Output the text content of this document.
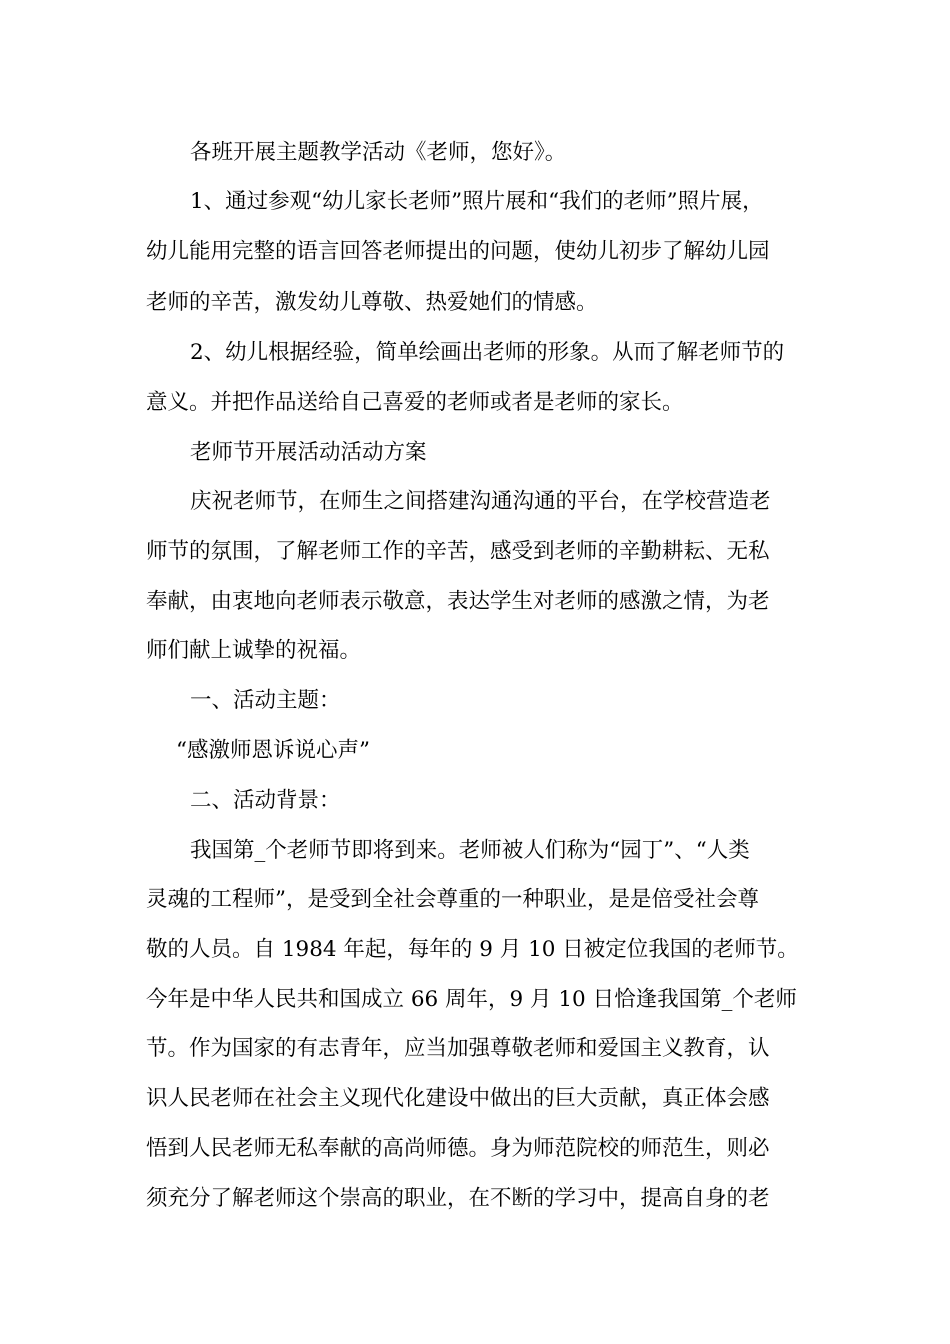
各班开展主题教学活动《老师，您好》。
1、通过参观“幼儿家长老师”照片展和“我们的老师”照片展，
幼儿能用完整的语言回答老师提出的问题，使幼儿初步了解幼儿园
老师的辛苦，激发幼儿尊敬、热爱她们的情感。
2、幼儿根据经验，简单绘画出老师的形象。从而了解老师节的
意义。并把作品送给自己喜爱的老师或者是老师的家长。
老师节开展活动活动方案
庆祝老师节，在师生之间搭建沟通沟通的平台，在学校营造老
师节的氛围，了解老师工作的辛苦，感受到老师的辛勤耕耘、无私
奉献，由衷地向老师表示敬意，表达学生对老师的感激之情，为老
师们献上诚挚的祝福。
一、活动主题：
“感激师恩诉说心声”
二、活动背景：
我国第_个老师节即将到来。老师被人们称为“园丁”、“人类
灵魂的工程师”，是受到全社会尊重的一种职业，是是倍受社会尊
敬的人员。自 1984 年起，每年的 9 月 10 日被定位我国的老师节。
今年是中华人民共和国成立 66 周年，9 月 10 日恰逢我国第_个老师
节。作为国家的有志青年，应当加强尊敬老师和爱国主义教育，认
识人民老师在社会主义现代化建设中做出的巨大贡献，真正体会感
悟到人民老师无私奉献的高尚师德。身为师范院校的师范生，则必
须充分了解老师这个崇高的职业，在不断的学习中，提高自身的老
